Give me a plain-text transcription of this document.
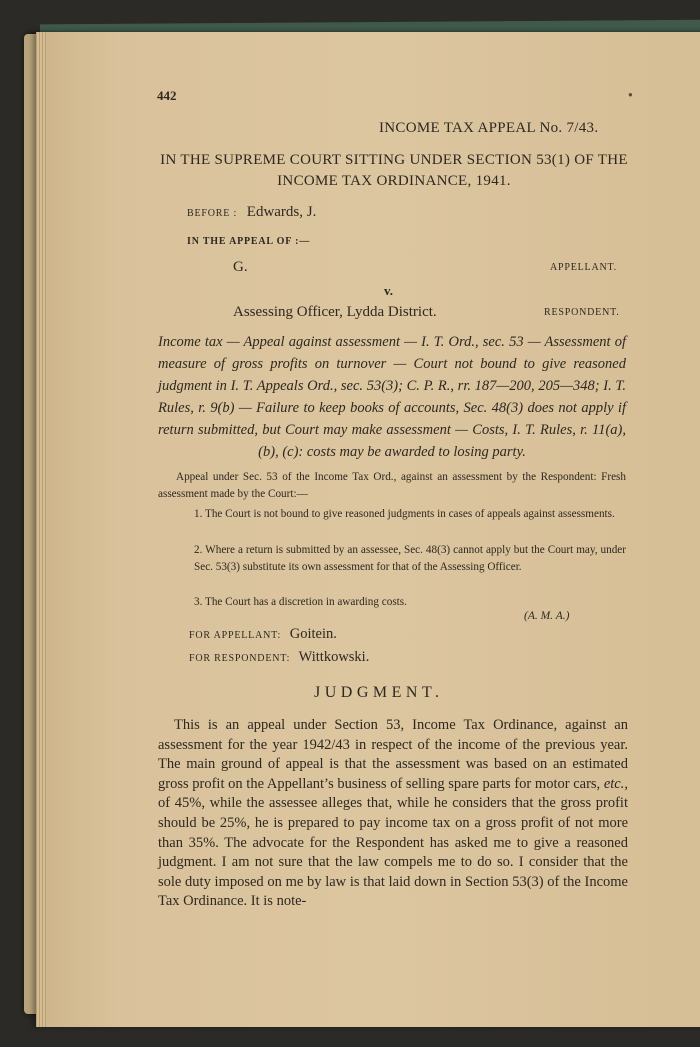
442	●
INCOME TAX APPEAL No. 7/43.
IN THE SUPREME COURT SITTING UNDER SECTION 53(1) OF THE INCOME TAX ORDINANCE, 1941.
BEFORE : Edwards, J.
IN THE APPEAL OF :—
G.	APPELLANT.
v.
Assessing Officer, Lydda District.	RESPONDENT.
Income tax — Appeal against assessment — I. T. Ord., sec. 53 — Assessment of measure of gross profits on turnover — Court not bound to give reasoned judgment in I. T. Appeals Ord., sec. 53(3); C. P. R., rr. 187—200, 205—348; I. T. Rules, r. 9(b) — Failure to keep books of accounts, Sec. 48(3) does not apply if return submitted, but Court may make assessment — Costs, I. T. Rules, r. 11(a), (b), (c): costs may be awarded to losing party.
Appeal under Sec. 53 of the Income Tax Ord., against an assessment by the Respondent: Fresh assessment made by the Court:—
1. The Court is not bound to give reasoned judgments in cases of appeals against assessments.
2. Where a return is submitted by an assessee, Sec. 48(3) cannot apply but the Court may, under Sec. 53(3) substitute its own assessment for that of the Assessing Officer.
3. The Court has a discretion in awarding costs.
(A. M. A.)
FOR APPELLANT: Goitein.
FOR RESPONDENT: Wittkowski.
JUDGMENT.
This is an appeal under Section 53, Income Tax Ordinance, against an assessment for the year 1942/43 in respect of the income of the previous year. The main ground of appeal is that the assessment was based on an estimated gross profit on the Appellant’s business of selling spare parts for motor cars, etc., of 45%, while the assessee alleges that, while he considers that the gross profit should be 25%, he is prepared to pay income tax on a gross profit of not more than 35%. The advocate for the Respondent has asked me to give a reasoned judgment. I am not sure that the law compels me to do so. I consider that the sole duty imposed on me by law is that laid down in Section 53(3) of the Income Tax Ordinance. It is note-
